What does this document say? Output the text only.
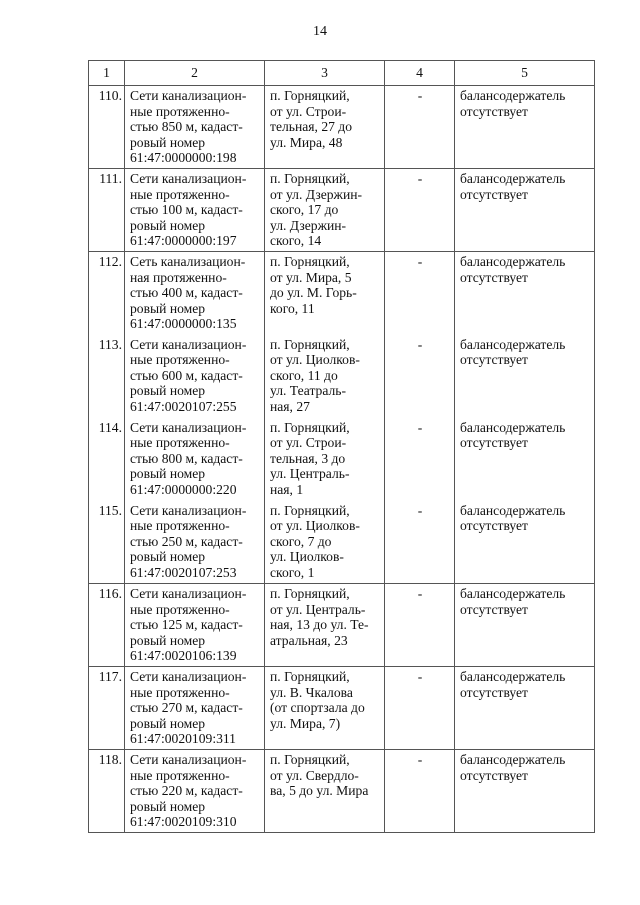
14
1	2	3	4	5
110.	Сети канализацион-
ные протяженно-
стью 850 м, кадаст-
ровый номер
61:47:0000000:198	п. Горняцкий,
от ул. Строи-
тельная, 27 до
ул. Мира, 48	-	балансодержатель
отсутствует
111.	Сети канализацион-
ные протяженно-
стью 100 м, кадаст-
ровый номер
61:47:0000000:197	п. Горняцкий,
от ул. Дзержин-
ского, 17 до
ул. Дзержин-
ского, 14	-	балансодержатель
отсутствует
112.	Сеть канализацион-
ная протяженно-
стью 400 м, кадаст-
ровый номер
61:47:0000000:135	п. Горняцкий,
от ул. Мира, 5
до ул. М. Горь-
кого, 11	-	балансодержатель
отсутствует
113.	Сети канализацион-
ные протяженно-
стью 600 м, кадаст-
ровый номер
61:47:0020107:255	п. Горняцкий,
от ул. Циолков-
ского, 11 до
ул. Театраль-
ная, 27	-	балансодержатель
отсутствует
114.	Сети канализацион-
ные протяженно-
стью 800 м, кадаст-
ровый номер
61:47:0000000:220	п. Горняцкий,
от ул. Строи-
тельная, 3 до
ул. Централь-
ная, 1	-	балансодержатель
отсутствует
115.	Сети канализацион-
ные протяженно-
стью 250 м, кадаст-
ровый номер
61:47:0020107:253	п. Горняцкий,
от ул. Циолков-
ского, 7 до
ул. Циолков-
ского, 1	-	балансодержатель
отсутствует
116.	Сети канализацион-
ные протяженно-
стью 125 м, кадаст-
ровый номер
61:47:0020106:139	п. Горняцкий,
от ул. Централь-
ная, 13 до ул. Те-
атральная, 23	-	балансодержатель
отсутствует
117.	Сети канализацион-
ные протяженно-
стью 270 м, кадаст-
ровый номер
61:47:0020109:311	п. Горняцкий,
ул. В. Чкалова
(от спортзала до
ул. Мира, 7)	-	балансодержатель
отсутствует
118.	Сети канализацион-
ные протяженно-
стью 220 м, кадаст-
ровый номер
61:47:0020109:310	п. Горняцкий,
от ул. Свердло-
ва, 5 до ул. Мира	-	балансодержатель
отсутствует
